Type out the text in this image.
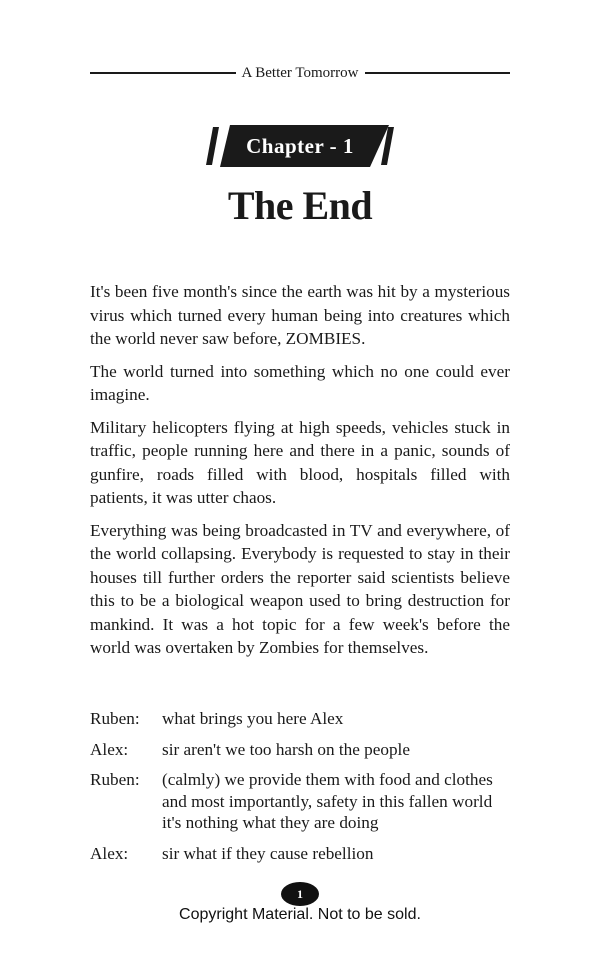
A Better Tomorrow
Chapter - 1
The End

It's been five month's since the earth was hit by a mysterious virus which turned every human being into creatures which the world never saw before, ZOMBIES.

The world turned into something which no one could ever imagine.

Military helicopters flying at high speeds, vehicles stuck in traffic, people running here and there in a panic, sounds of gunfire, roads filled with blood, hospitals filled with patients, it was utter chaos.

Everything was being broadcasted in TV and everywhere, of the world collapsing. Everybody is requested to stay in their houses till further orders the reporter said scientists believe this to be a biological weapon used to bring destruction for mankind. It was a hot topic for a few week's before the world was overtaken by Zombies for themselves.

Ruben:	what brings you here Alex
Alex:	sir aren't we too harsh on the people
Ruben:	(calmly) we provide them with food and clothes and most importantly, safety in this fallen world it's nothing what they are doing
Alex:	sir what if they cause rebellion
1
Copyright Material. Not to be sold.
